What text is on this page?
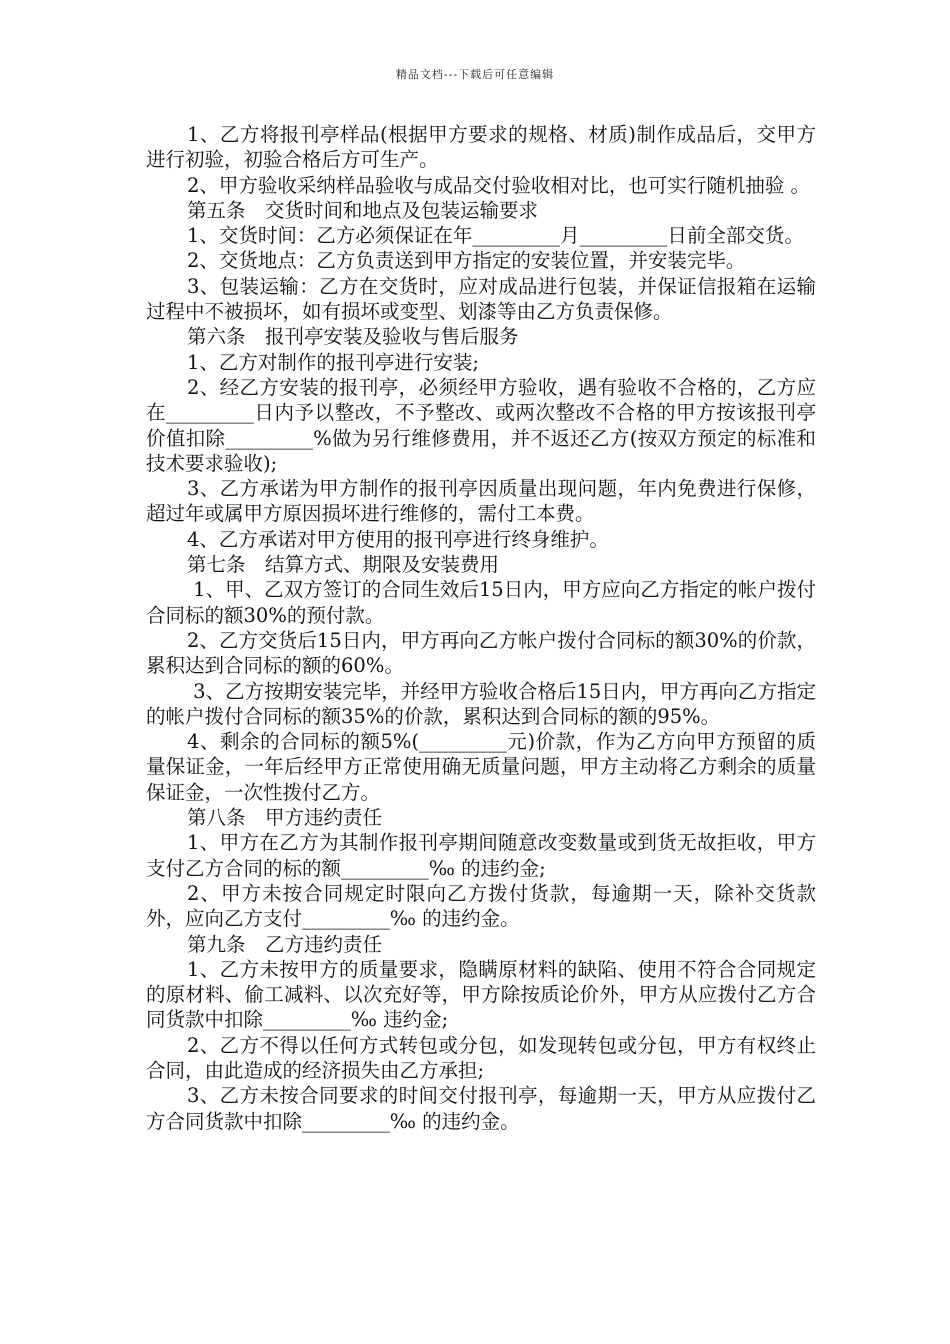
精品文档---下载后可任意编辑

1、乙方将报刊亭样品(根据甲方要求的规格、材质)制作成品后，交甲方进行初验，初验合格后方可生产。

2、甲方验收采纳样品验收与成品交付验收相对比，也可实行随机抽验 。

第五条　交货时间和地点及包装运输要求

1、交货时间：乙方必须保证在年_________月_________日前全部交货。

2、交货地点：乙方负责送到甲方指定的安装位置，并安装完毕。

3、包装运输：乙方在交货时，应对成品进行包装，并保证信报箱在运输过程中不被损坏，如有损坏或变型、划漆等由乙方负责保修。

第六条　报刊亭安装及验收与售后服务

1、乙方对制作的报刊亭进行安装;

2、经乙方安装的报刊亭，必须经甲方验收，遇有验收不合格的，乙方应在_________日内予以整改，不予整改、或两次整改不合格的甲方按该报刊亭价值扣除_________%做为另行维修费用，并不返还乙方(按双方预定的标准和技术要求验收);

3、乙方承诺为甲方制作的报刊亭因质量出现问题，年内免费进行保修，超过年或属甲方原因损坏进行维修的，需付工本费。

4、乙方承诺对甲方使用的报刊亭进行终身维护。

第七条　结算方式、期限及安装费用

1、甲、乙双方签订的合同生效后15日内，甲方应向乙方指定的帐户拨付合同标的额30%的预付款。

2、乙方交货后15日内，甲方再向乙方帐户拨付合同标的额30%的价款，累积达到合同标的额的60%。

3、乙方按期安装完毕，并经甲方验收合格后15日内，甲方再向乙方指定的帐户拨付合同标的额35%的价款，累积达到合同标的额的95%。

4、剩余的合同标的额5%(_________元)价款，作为乙方向甲方预留的质量保证金，一年后经甲方正常使用确无质量问题，甲方主动将乙方剩余的质量保证金，一次性拨付乙方。

第八条　甲方违约责任

1、甲方在乙方为其制作报刊亭期间随意改变数量或到货无故拒收，甲方支付乙方合同的标的额_________‰ 的违约金;

2、甲方未按合同规定时限向乙方拨付货款，每逾期一天，除补交货款外，应向乙方支付_________‰ 的违约金。

第九条　乙方违约责任

1、乙方未按甲方的质量要求，隐瞒原材料的缺陷、使用不符合合同规定的原材料、偷工减料、以次充好等，甲方除按质论价外，甲方从应拨付乙方合同货款中扣除_________‰ 违约金;

2、乙方不得以任何方式转包或分包，如发现转包或分包，甲方有权终止合同，由此造成的经济损失由乙方承担;

3、乙方未按合同要求的时间交付报刊亭，每逾期一天，甲方从应拨付乙方合同货款中扣除_________‰ 的违约金。
